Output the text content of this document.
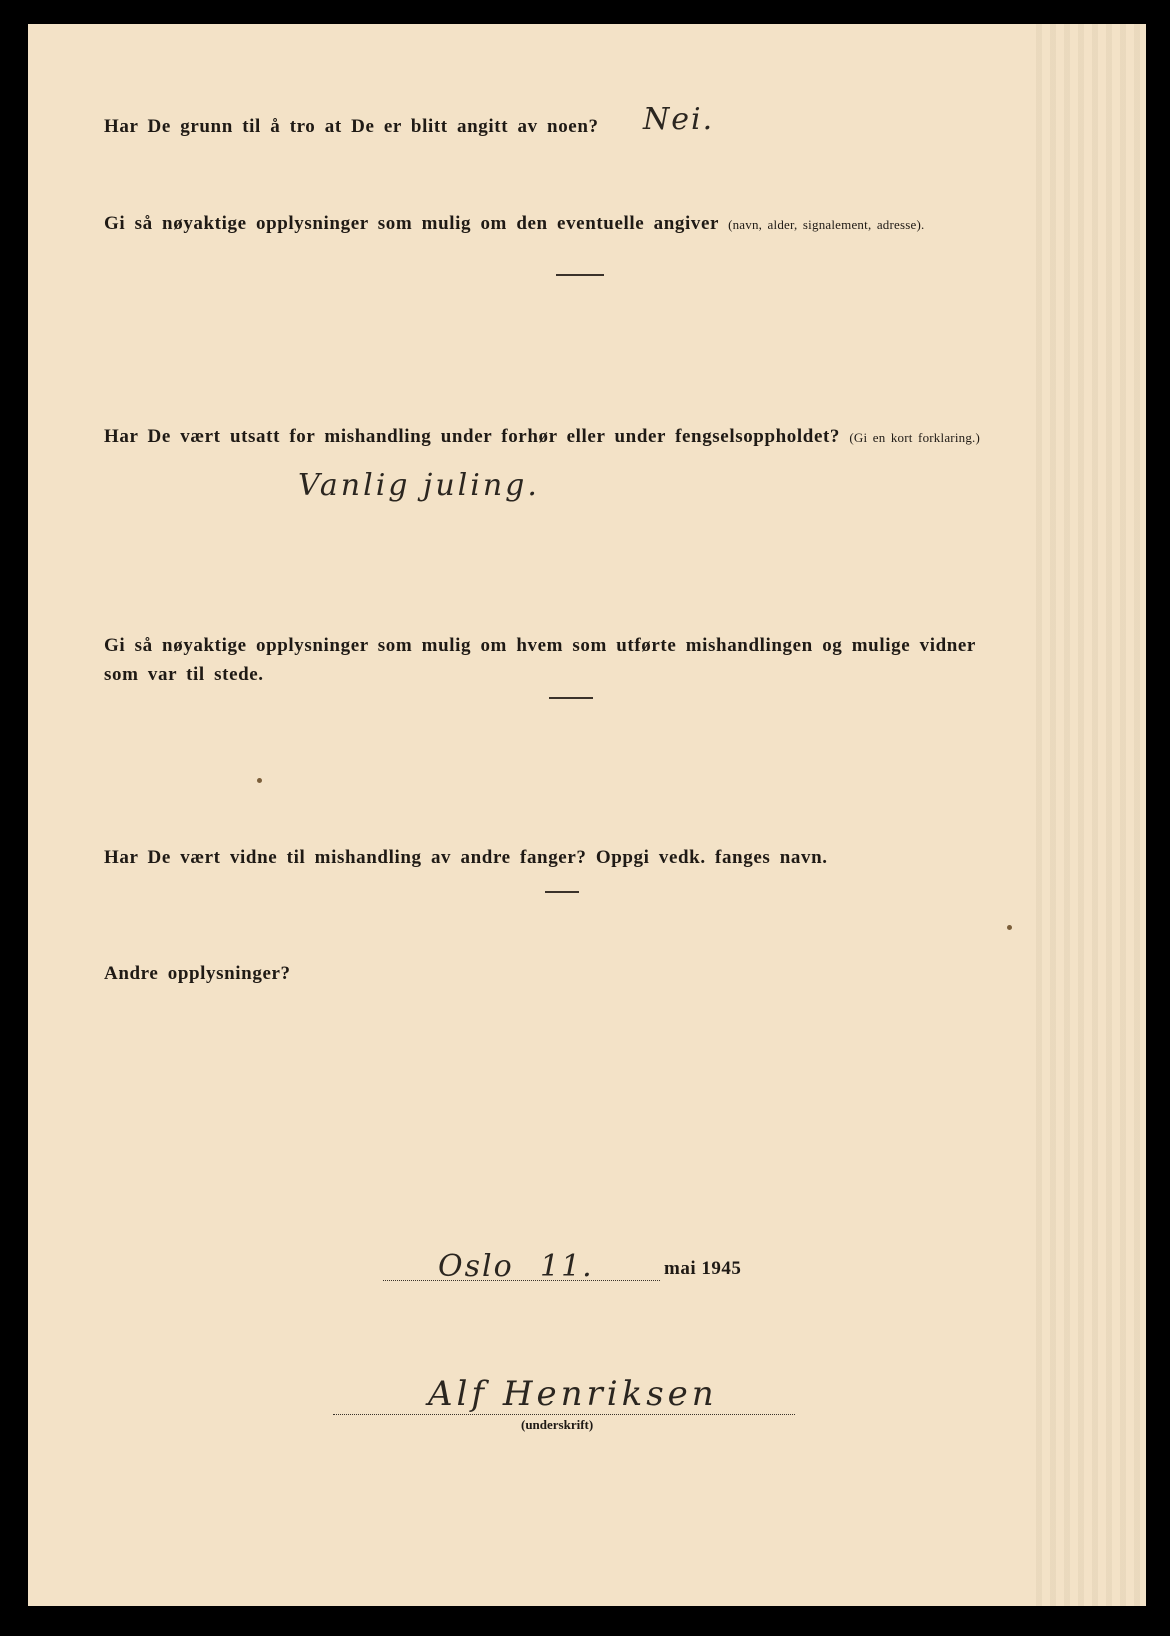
Har De grunn til å tro at De er blitt angitt av noen? Nei.

Gi så nøyaktige opplysninger som mulig om den eventuelle angiver (navn, alder, signalement, adresse).

Har De vært utsatt for mishandling under forhør eller under fengselsoppholdet? (Gi en kort forklaring.)

Vanlig juling.

Gi så nøyaktige opplysninger som mulig om hvem som utførte mishandlingen og mulige vidner
som var til stede.

Har De vært vidne til mishandling av andre fanger? Oppgi vedk. fanges navn.

Andre opplysninger?

Oslo 11.	mai 1945
Alf Henriksen
(underskrift)
